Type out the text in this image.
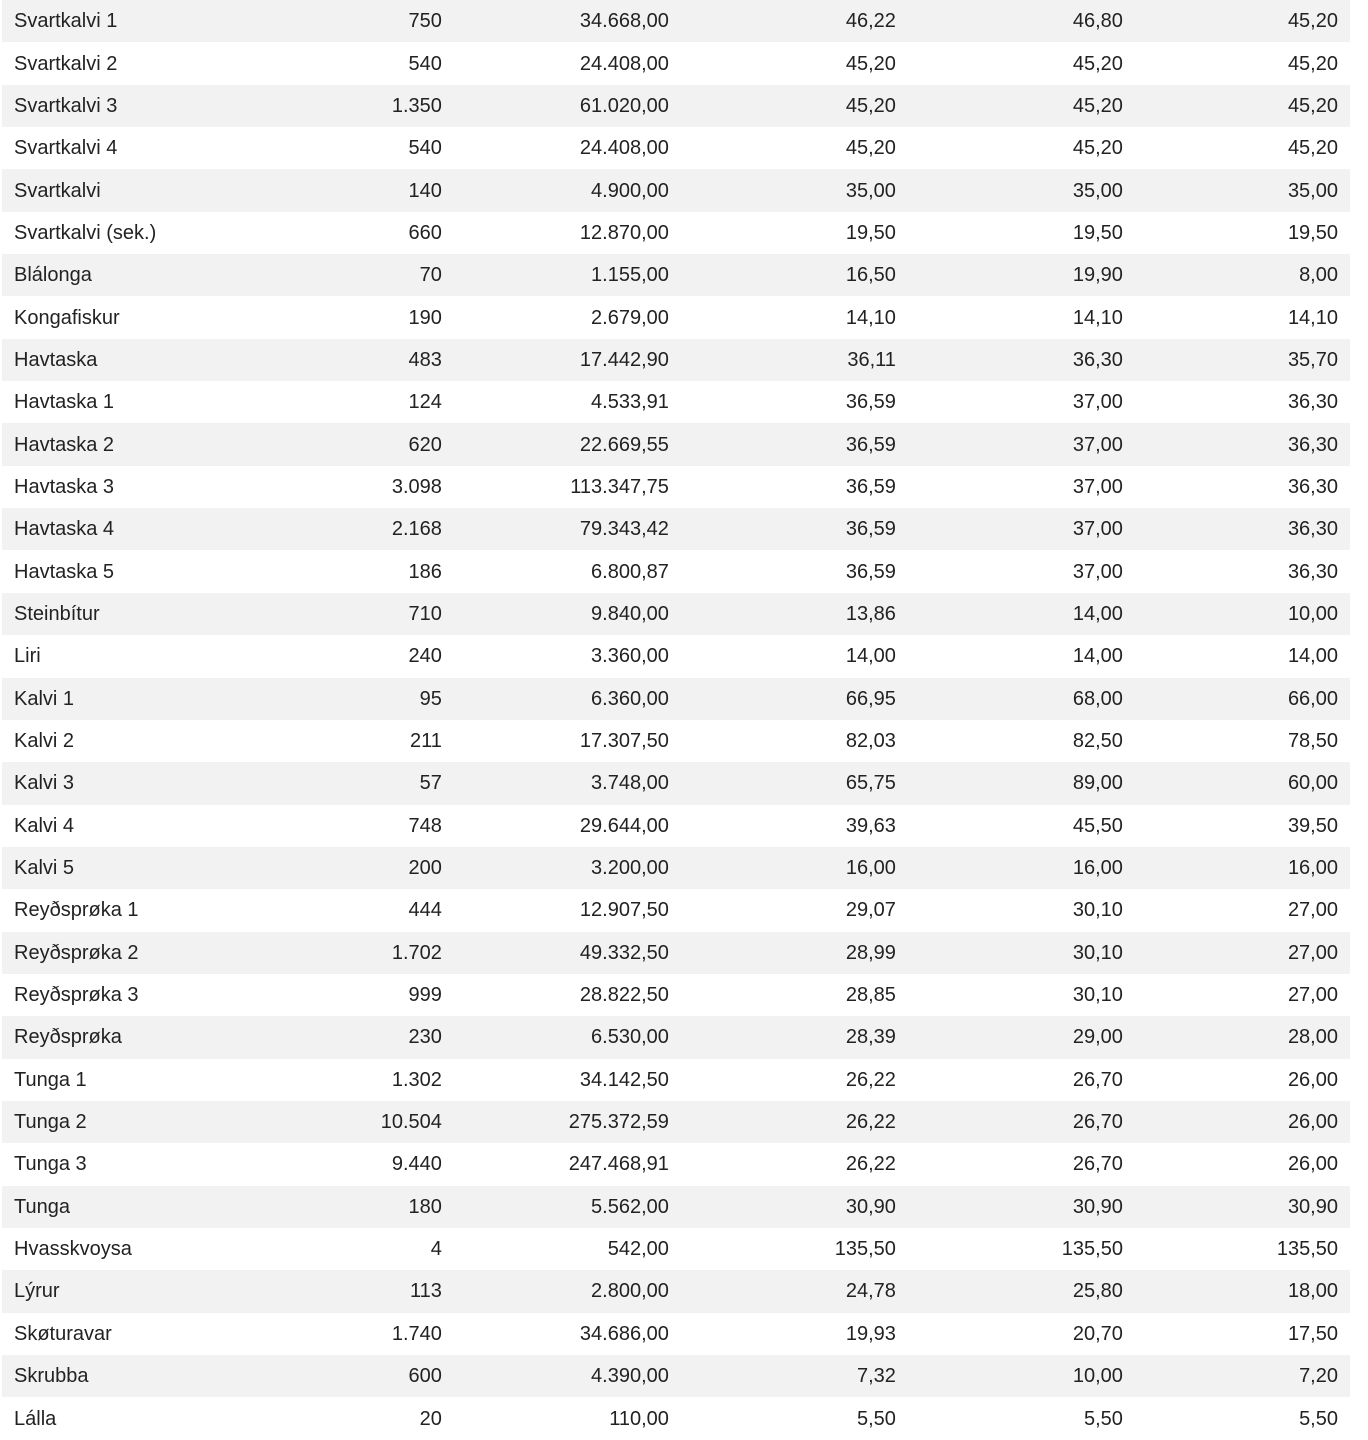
Svartkalvi 1	750	34.668,00	46,22	46,80	45,20
Svartkalvi 2	540	24.408,00	45,20	45,20	45,20
Svartkalvi 3	1.350	61.020,00	45,20	45,20	45,20
Svartkalvi 4	540	24.408,00	45,20	45,20	45,20
Svartkalvi	140	4.900,00	35,00	35,00	35,00
Svartkalvi (sek.)	660	12.870,00	19,50	19,50	19,50
Blálonga	70	1.155,00	16,50	19,90	8,00
Kongafiskur	190	2.679,00	14,10	14,10	14,10
Havtaska	483	17.442,90	36,11	36,30	35,70
Havtaska 1	124	4.533,91	36,59	37,00	36,30
Havtaska 2	620	22.669,55	36,59	37,00	36,30
Havtaska 3	3.098	113.347,75	36,59	37,00	36,30
Havtaska 4	2.168	79.343,42	36,59	37,00	36,30
Havtaska 5	186	6.800,87	36,59	37,00	36,30
Steinbítur	710	9.840,00	13,86	14,00	10,00
Liri	240	3.360,00	14,00	14,00	14,00
Kalvi 1	95	6.360,00	66,95	68,00	66,00
Kalvi 2	211	17.307,50	82,03	82,50	78,50
Kalvi 3	57	3.748,00	65,75	89,00	60,00
Kalvi 4	748	29.644,00	39,63	45,50	39,50
Kalvi 5	200	3.200,00	16,00	16,00	16,00
Reyðsprøka 1	444	12.907,50	29,07	30,10	27,00
Reyðsprøka 2	1.702	49.332,50	28,99	30,10	27,00
Reyðsprøka 3	999	28.822,50	28,85	30,10	27,00
Reyðsprøka	230	6.530,00	28,39	29,00	28,00
Tunga 1	1.302	34.142,50	26,22	26,70	26,00
Tunga 2	10.504	275.372,59	26,22	26,70	26,00
Tunga 3	9.440	247.468,91	26,22	26,70	26,00
Tunga	180	5.562,00	30,90	30,90	30,90
Hvasskvoysa	4	542,00	135,50	135,50	135,50
Lýrur	113	2.800,00	24,78	25,80	18,00
Skøturavar	1.740	34.686,00	19,93	20,70	17,50
Skrubba	600	4.390,00	7,32	10,00	7,20
Lálla	20	110,00	5,50	5,50	5,50
